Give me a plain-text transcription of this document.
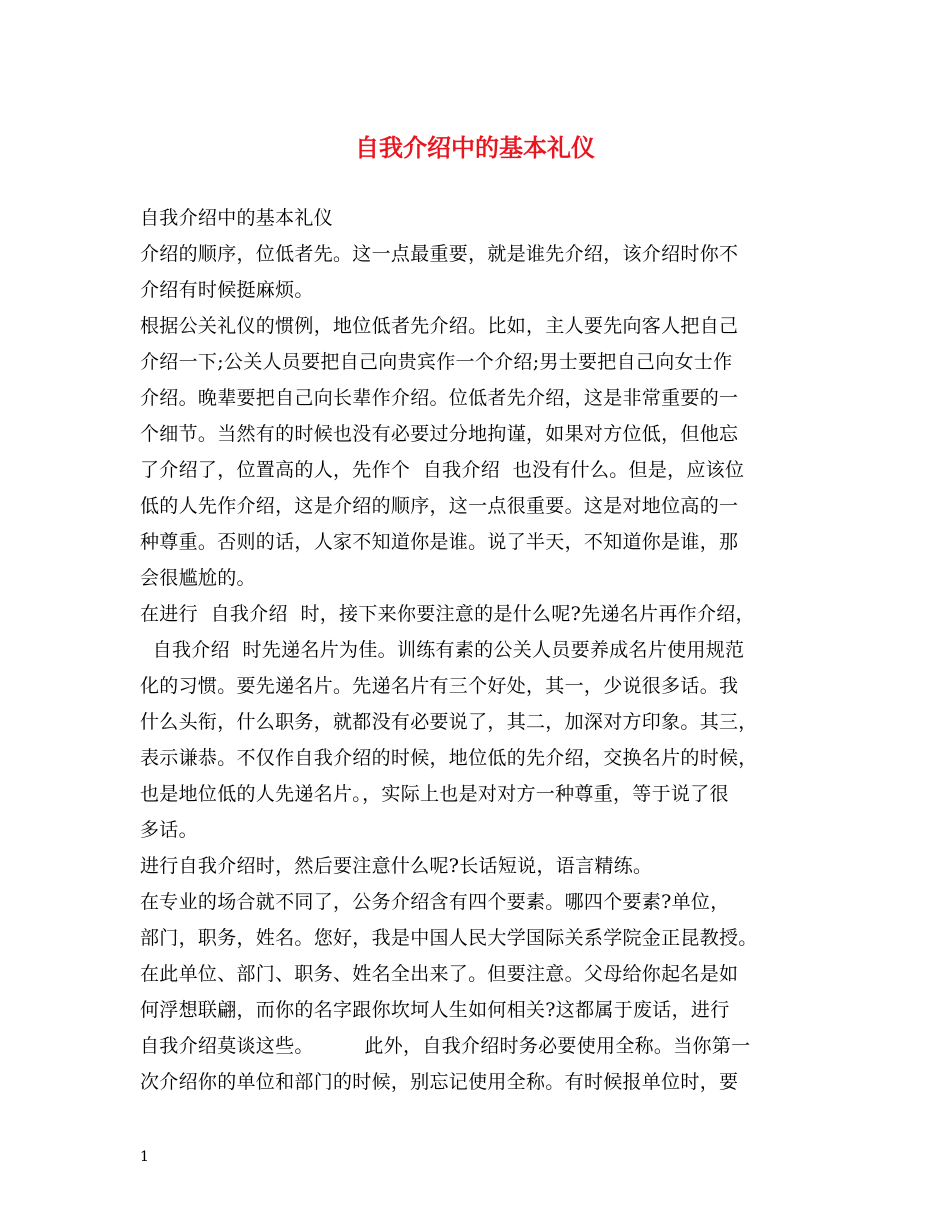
自我介绍中的基本礼仪
自我介绍中的基本礼仪
介绍的顺序，位低者先。这一点最重要，就是谁先介绍，该介绍时你不
介绍有时候挺麻烦。
根据公关礼仪的惯例，地位低者先介绍。比如，主人要先向客人把自己
介绍一下;公关人员要把自己向贵宾作一个介绍;男士要把自己向女士作
介绍。晚辈要把自己向长辈作介绍。位低者先介绍，这是非常重要的一
个细节。当然有的时候也没有必要过分地拘谨，如果对方位低，但他忘
了介绍了，位置高的人，先作个  自我介绍  也没有什么。但是，应该位
低的人先作介绍，这是介绍的顺序，这一点很重要。这是对地位高的一
种尊重。否则的话，人家不知道你是谁。说了半天，不知道你是谁，那
会很尴尬的。
在进行  自我介绍  时，接下来你要注意的是什么呢?先递名片再作介绍，
自我介绍  时先递名片为佳。训练有素的公关人员要养成名片使用规范
化的习惯。要先递名片。先递名片有三个好处，其一，少说很多话。我
什么头衔，什么职务，就都没有必要说了，其二，加深对方印象。其三，
表示谦恭。不仅作自我介绍的时候，地位低的先介绍，交换名片的时候，
也是地位低的人先递名片。，实际上也是对对方一种尊重，等于说了很
多话。
进行自我介绍时，然后要注意什么呢?长话短说，语言精练。
在专业的场合就不同了，公务介绍含有四个要素。哪四个要素?单位，
部门，职务，姓名。您好，我是中国人民大学国际关系学院金正昆教授。
在此单位、部门、职务、姓名全出来了。但要注意。父母给你起名是如
何浮想联翩，而你的名字跟你坎坷人生如何相关?这都属于废话，进行
自我介绍莫谈这些。        此外，自我介绍时务必要使用全称。当你第一
次介绍你的单位和部门的时候，别忘记使用全称。有时候报单位时，要
1
